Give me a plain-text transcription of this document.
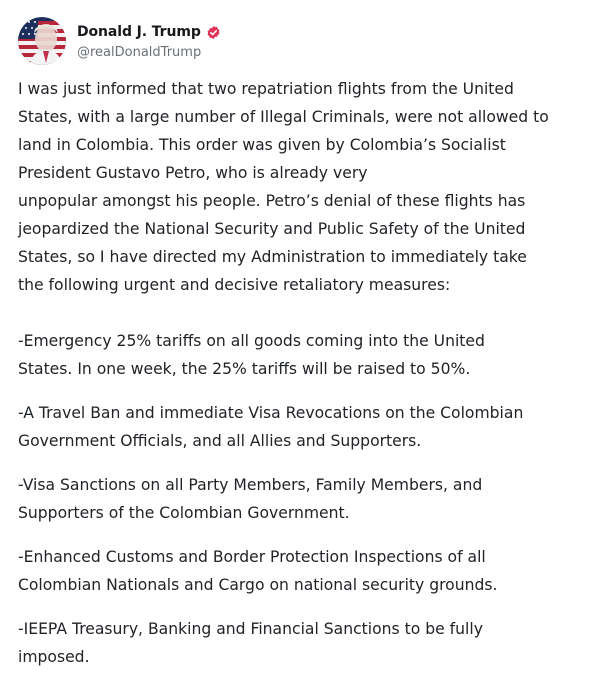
Donald J. Trump
@realDonaldTrump

I was just informed that two repatriation flights from the United
States, with a large number of Illegal Criminals, were not allowed to
land in Colombia. This order was given by Colombia’s Socialist
President Gustavo Petro, who is already very
unpopular amongst his people. Petro’s denial of these flights has
jeopardized the National Security and Public Safety of the United
States, so I have directed my Administration to immediately take
the following urgent and decisive retaliatory measures:

-Emergency 25% tariffs on all goods coming into the United
States. In one week, the 25% tariffs will be raised to 50%.

-A Travel Ban and immediate Visa Revocations on the Colombian
Government Officials, and all Allies and Supporters.

-Visa Sanctions on all Party Members, Family Members, and
Supporters of the Colombian Government.

-Enhanced Customs and Border Protection Inspections of all
Colombian Nationals and Cargo on national security grounds.

-IEEPA Treasury, Banking and Financial Sanctions to be fully
imposed.
